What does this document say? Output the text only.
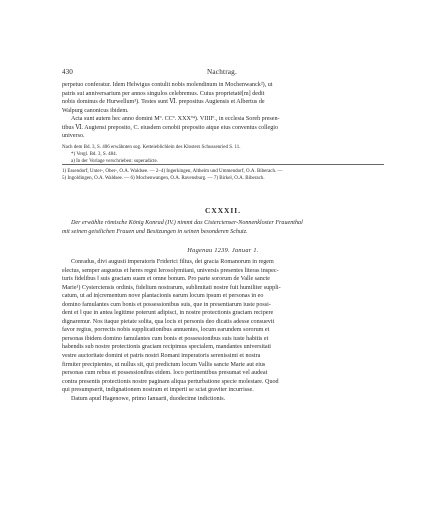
430	Nachtrag.

perpetuo conferatur. Idem Helwigus contulit nobis molendinum in Mochenwanck²), ut

patris sui anniversarium per annos singulos celebremus. Cuius proprietatē[m] dedit

nobis dominus de Hurwellum³). Testes sunt Ⅵ. prepositus Augiensis et Albertus de

Walpurg canonicus ibidem.

Acta sunt autem hec anno domini Mº. CCº. XXXº⁴). VIIIIº., in ecclesia Soreh presen-

tibus Ⅵ. Augiensi preposito, C. eiusdem cenobii preposito atque eius conventus collegio

universo.

Nach dem Bd. 3, S. 406 erwähnten sog. Ketteieblichlein des Klosters Schussenried S. 11.

*) Vergl. Bd. 3, S. 484.

a) In der Vorlage verschrieben: superadicte.

1) Essendorf, Unter-, Ober-, O.A. Waldsee. — 2–4) Ingerkingen, Altheim und Ummendorf, O.A. Biberach. —

5) Ingoldingen, O.A. Waldsee. — 6) Mochenwangen, O.A. Ravensburg. — 7) Birkel, O.A. Biberach.

CXXXII.

Der erwählte römische König Konrad (IV.) nimmt das Cistercienser-Nonnenkloster Frauenthal

mit seinen geistlichen Frauen und Besitzungen in seinen besonderen Schutz.

Hagenau 1239. Januar 1.

Conradus, divi augusti imperatoris Friderici filius, dei gracia Romanorum in regem

electus, semper augustus et heres regni Ierosolymitani, universis presentes literas inspec-

turis fidelibus ‖ suis graciam suam et omne bonum. Pro parte sororum de Valle sancte

Marie¹) Cysterciensis ordinis, fidelium nostrarum, sublimitati nostre fuit humiliter suppli-

catum, ut ad in|crementum nove plantacionis earum locum ipsum et personas in eo

domino famulantes cum bonis et possessionibus suis, que in presentiarum iuste possi-

dent et ‖ que in antea legitime poterunt adipisci, in nostre protectionis graciam recipere

dignaremur. Nos itaque pietate solita, qua locis et personis deo dicatis adesse consuevit

favor regius, porrectis nobis supplicationibus annuentes, locum earundem sororum et

personas ibidem domino famulantes cum bonis et possessionibus suis iuste habitis et

habendis sub nostre protectionis graciam recipimus specialem, mandantes universitati

vestre auctoritate domini et patris nostri Romani imperatoris serenissimi et nostra

firmiter precipientes, ut nullus sit, qui predictum locum Vallis sancte Marie aut eius

personas cum rebus et possessionibus eidem. loco pertinentibus presumat vel audeat

contra presentis protectionis nostre paginam aliqua perturbatione specie molestare. Quod

qui presumpserit, indignationem nostram et imperii se sciat graviter incurrisse.

Datum apud Hagenowe, primo Ianuarii, duodecime indictionis.
